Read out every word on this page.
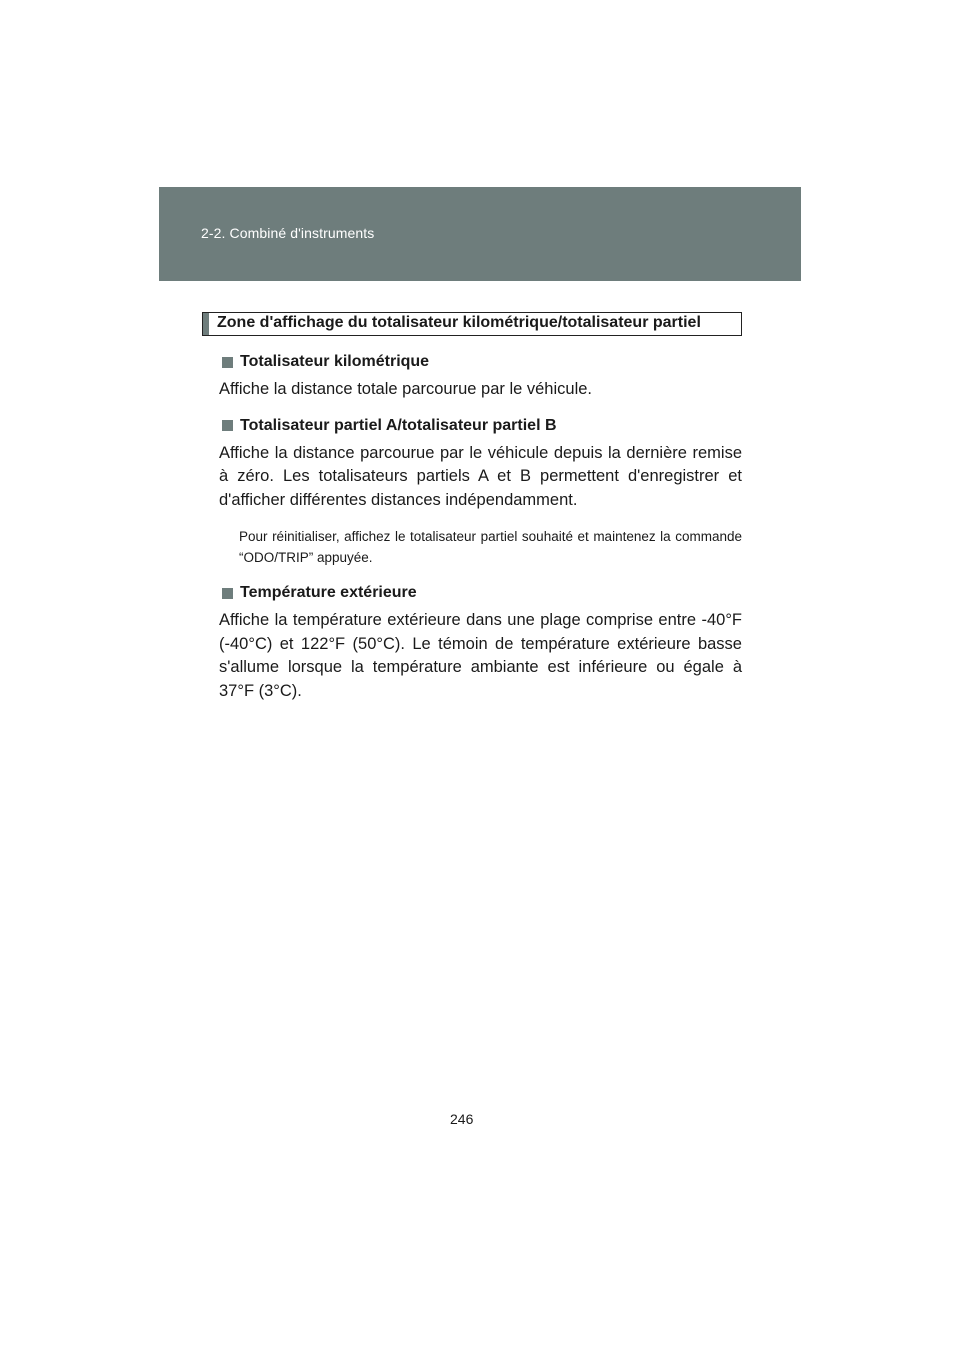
2-2. Combiné d'instruments
Zone d'affichage du totalisateur kilométrique/totalisateur partiel
Totalisateur kilométrique

Affiche la distance totale parcourue par le véhicule.

Totalisateur partiel A/totalisateur partiel B

Affiche la distance parcourue par le véhicule depuis la dernière remise à zéro. Les totalisateurs partiels A et B permettent d'enregistrer et d'afficher différentes distances indépendamment.

Pour réinitialiser, affichez le totalisateur partiel souhaité et maintenez la commande “ODO/TRIP” appuyée.

Température extérieure

Affiche la température extérieure dans une plage comprise entre -40°F (-40°C) et 122°F (50°C). Le témoin de température extérieure basse s'allume lorsque la température ambiante est inférieure ou égale à 37°F (3°C).

246
